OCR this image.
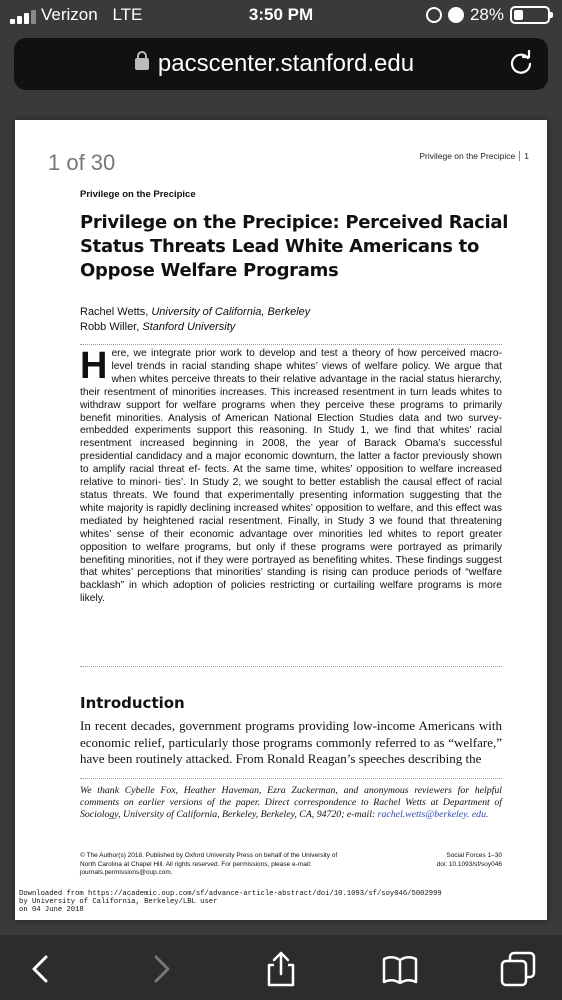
Verizon LTE	3:50 PM	28%
pacscenter.stanford.edu
1 of 30	Privilege on the Precipice 1
Privilege on the Precipice
Privilege on the Precipice: Perceived Racial Status Threats Lead White Americans to Oppose Welfare Programs
Rachel Wetts, University of California, Berkeley
Robb Willer, Stanford University
Here, we integrate prior work to develop and test a theory of how perceived macro-level trends in racial standing shape whites’ views of welfare policy. We argue that when whites perceive threats to their relative advantage in the racial status hierarchy, their resentment of minorities increases. This increased resentment in turn leads whites to withdraw support for welfare programs when they perceive these programs to primarily benefit minorities. Analysis of American National Election Studies data and two survey-embedded experiments support this reasoning. In Study 1, we find that whites’ racial resentment increased beginning in 2008, the year of Barack Obama’s successful presidential candidacy and a major economic downturn, the latter a factor previously shown to amplify racial threat ef- fects. At the same time, whites’ opposition to welfare increased relative to minori- ties’. In Study 2, we sought to better establish the causal effect of racial status threats. We found that experimentally presenting information suggesting that the white majority is rapidly declining increased whites’ opposition to welfare, and this effect was mediated by heightened racial resentment. Finally, in Study 3 we found that threatening whites’ sense of their economic advantage over minorities led whites to report greater opposition to welfare programs, but only if these programs were portrayed as primarily benefiting minorities, not if they were portrayed as benefiting whites. These findings suggest that whites’ perceptions that minorities’ standing is rising can produce periods of “welfare backlash” in which adoption of policies restricting or curtailing welfare programs is more likely.
Introduction
In recent decades, government programs providing low-income Americans with economic relief, particularly those programs commonly referred to as “welfare,” have been routinely attacked. From Ronald Reagan’s speeches describing the
We thank Cybelle Fox, Heather Haveman, Ezra Zuckerman, and anonymous reviewers for helpful comments on earlier versions of the paper. Direct correspondence to Rachel Wetts at Department of Sociology, University of California, Berkeley, Berkeley, CA, 94720; e-mail: rachel.wetts@berkeley. edu.
© The Author(s) 2018. Published by Oxford University Press on behalf of the University of North Carolina at Chapel Hill. All rights reserved. For permissions, please e-mail: journals.permissions@oup.com.
Social Forces 1–30
doi: 10.1093/sf/soy046
Downloaded from https://academic.oup.com/sf/advance-article-abstract/doi/10.1093/sf/soy046/5002999
by University of California, Berkeley/LBL user
on 04 June 2018
